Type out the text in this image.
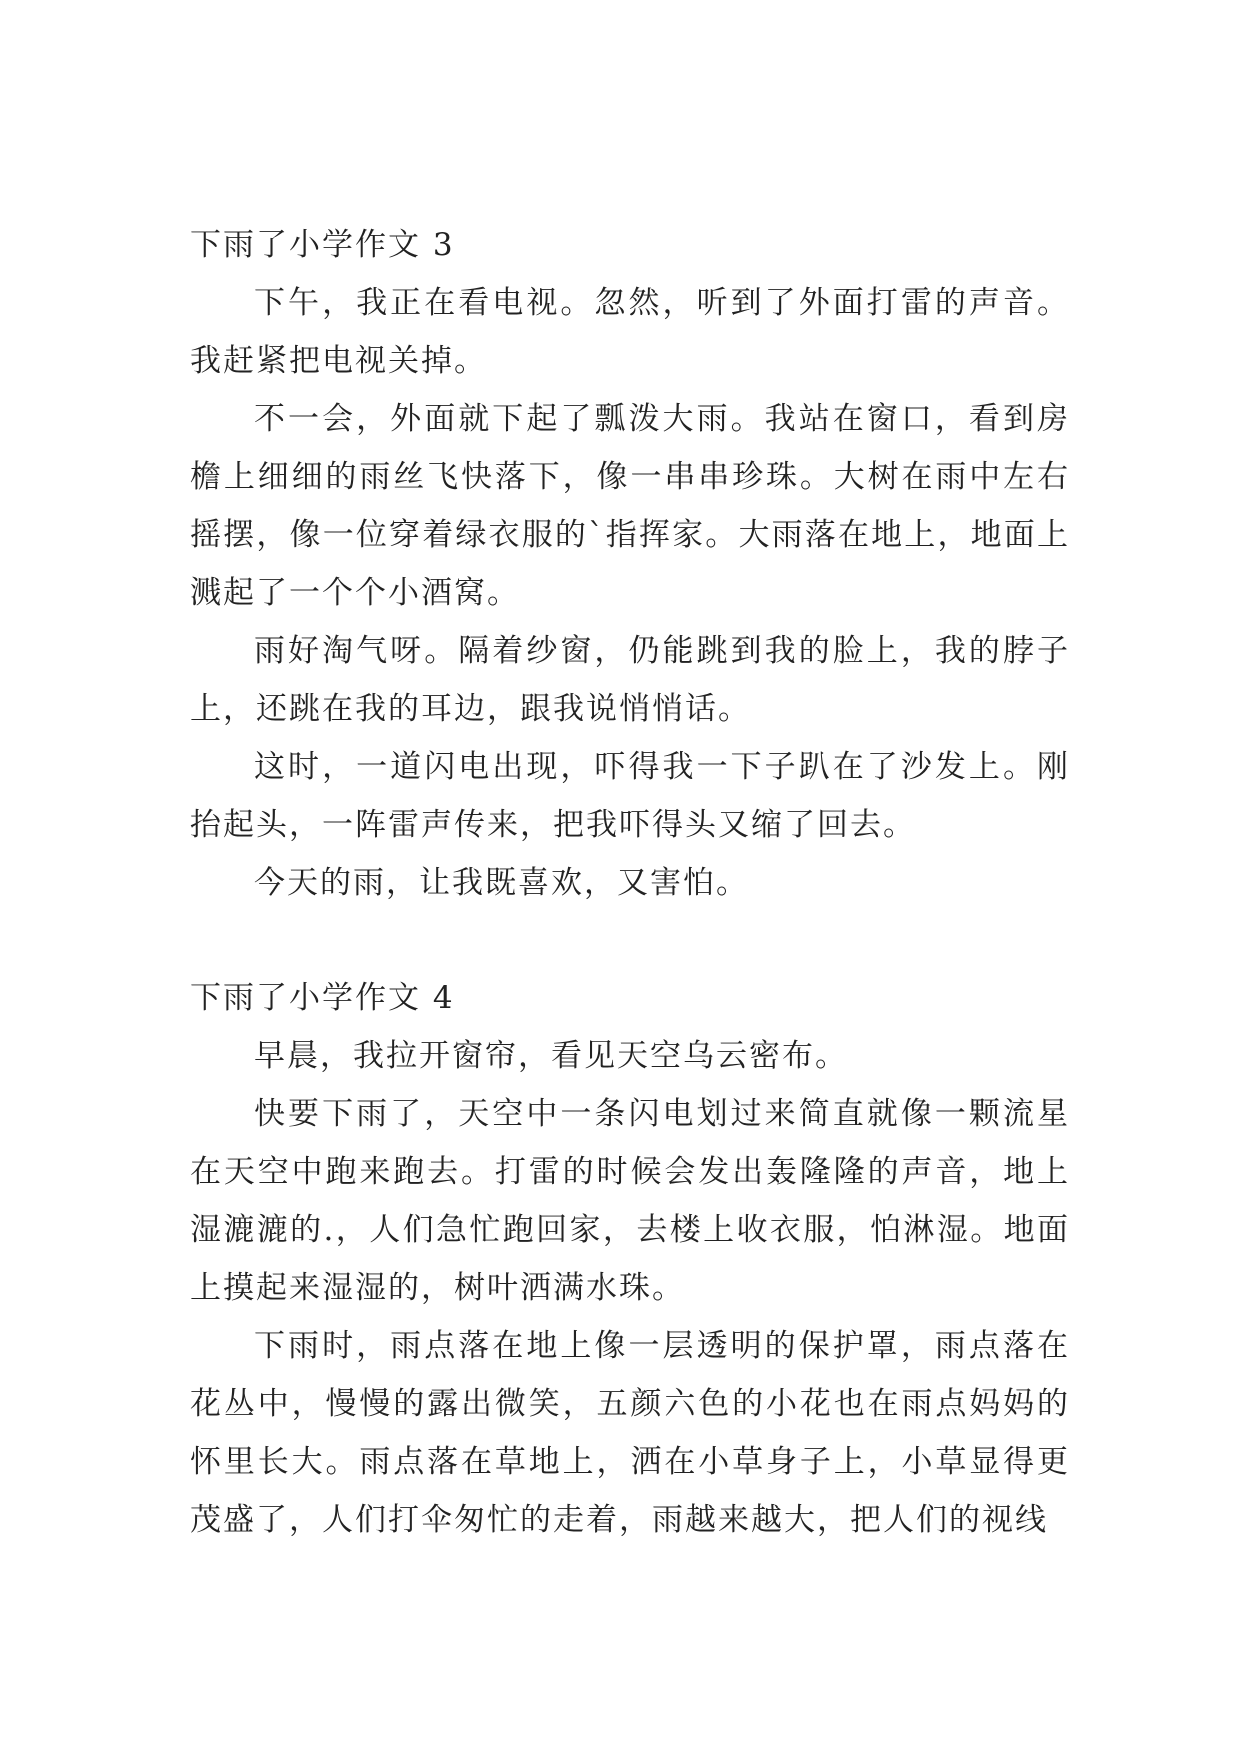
下雨了小学作文 3

下午，我正在看电视。忽然，听到了外面打雷的声音。我赶紧把电视关掉。

不一会，外面就下起了瓢泼大雨。我站在窗口，看到房檐上细细的雨丝飞快落下，像一串串珍珠。大树在雨中左右摇摆，像一位穿着绿衣服的`指挥家。大雨落在地上，地面上溅起了一个个小酒窝。

雨好淘气呀。隔着纱窗，仍能跳到我的脸上，我的脖子上，还跳在我的耳边，跟我说悄悄话。

这时，一道闪电出现，吓得我一下子趴在了沙发上。刚抬起头，一阵雷声传来，把我吓得头又缩了回去。

今天的雨，让我既喜欢，又害怕。

下雨了小学作文 4

早晨，我拉开窗帘，看见天空乌云密布。

快要下雨了，天空中一条闪电划过来简直就像一颗流星在天空中跑来跑去。打雷的时候会发出轰隆隆的声音，地上湿漉漉的.，人们急忙跑回家，去楼上收衣服，怕淋湿。地面上摸起来湿湿的，树叶洒满水珠。

下雨时，雨点落在地上像一层透明的保护罩，雨点落在花丛中，慢慢的露出微笑，五颜六色的小花也在雨点妈妈的怀里长大。雨点落在草地上，洒在小草身子上，小草显得更茂盛了，人们打伞匆忙的走着，雨越来越大，把人们的视线
